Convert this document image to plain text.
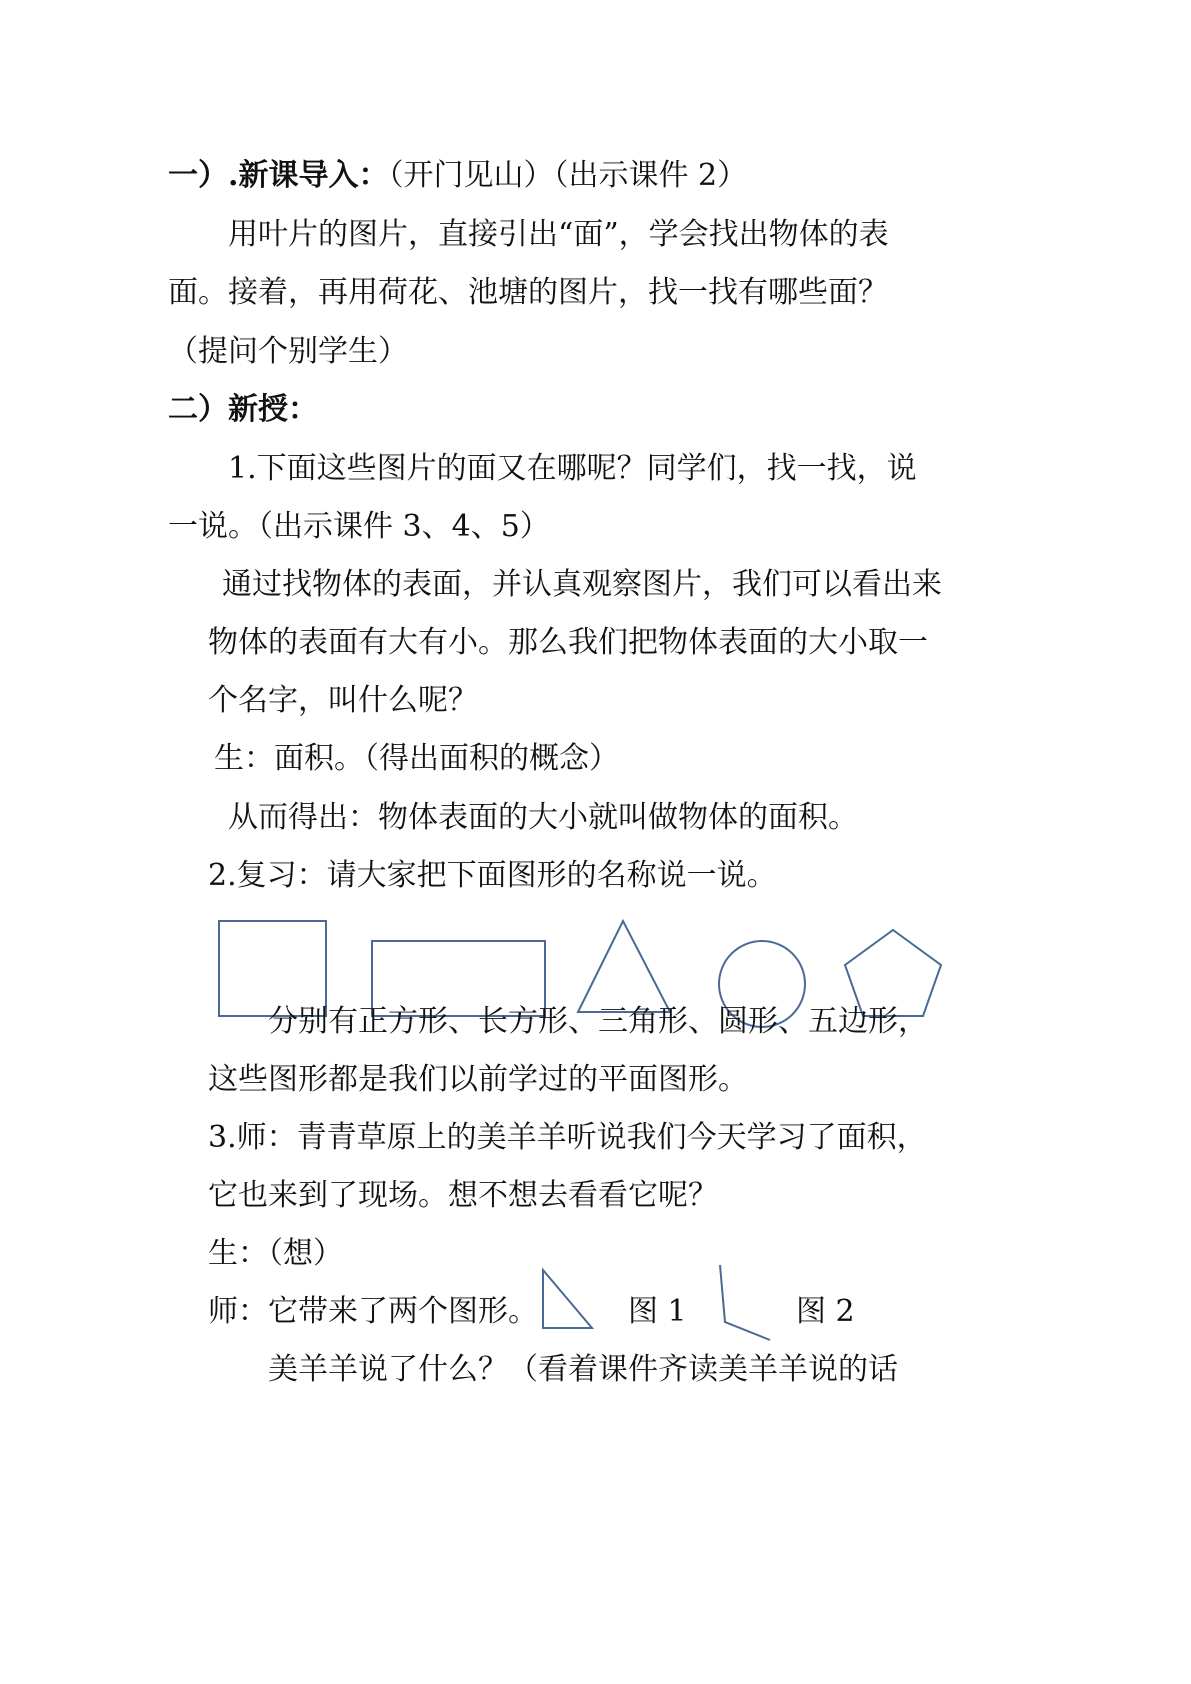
一）.新课导入：（开门见山）（出示课件 2）
用叶片的图片，直接引出“面”，学会找出物体的表
面。接着，再用荷花、池塘的图片，找一找有哪些面？
（提问个别学生）
二）新授：
1.下面这些图片的面又在哪呢？同学们，找一找，说
一说。（出示课件 3、4、5）
通过找物体的表面，并认真观察图片，我们可以看出来
物体的表面有大有小。那么我们把物体表面的大小取一
个名字，叫什么呢？
生：面积。（得出面积的概念）
从而得出：物体表面的大小就叫做物体的面积。
2.复习：请大家把下面图形的名称说一说。
分别有正方形、长方形、三角形、圆形、五边形，
这些图形都是我们以前学过的平面图形。
3.师：青青草原上的美羊羊听说我们今天学习了面积，
它也来到了现场。想不想去看看它呢？
生：（想）
师：它带来了两个图形。	图 1	图 2
美羊羊说了什么？（看着课件齐读美羊羊说的话
